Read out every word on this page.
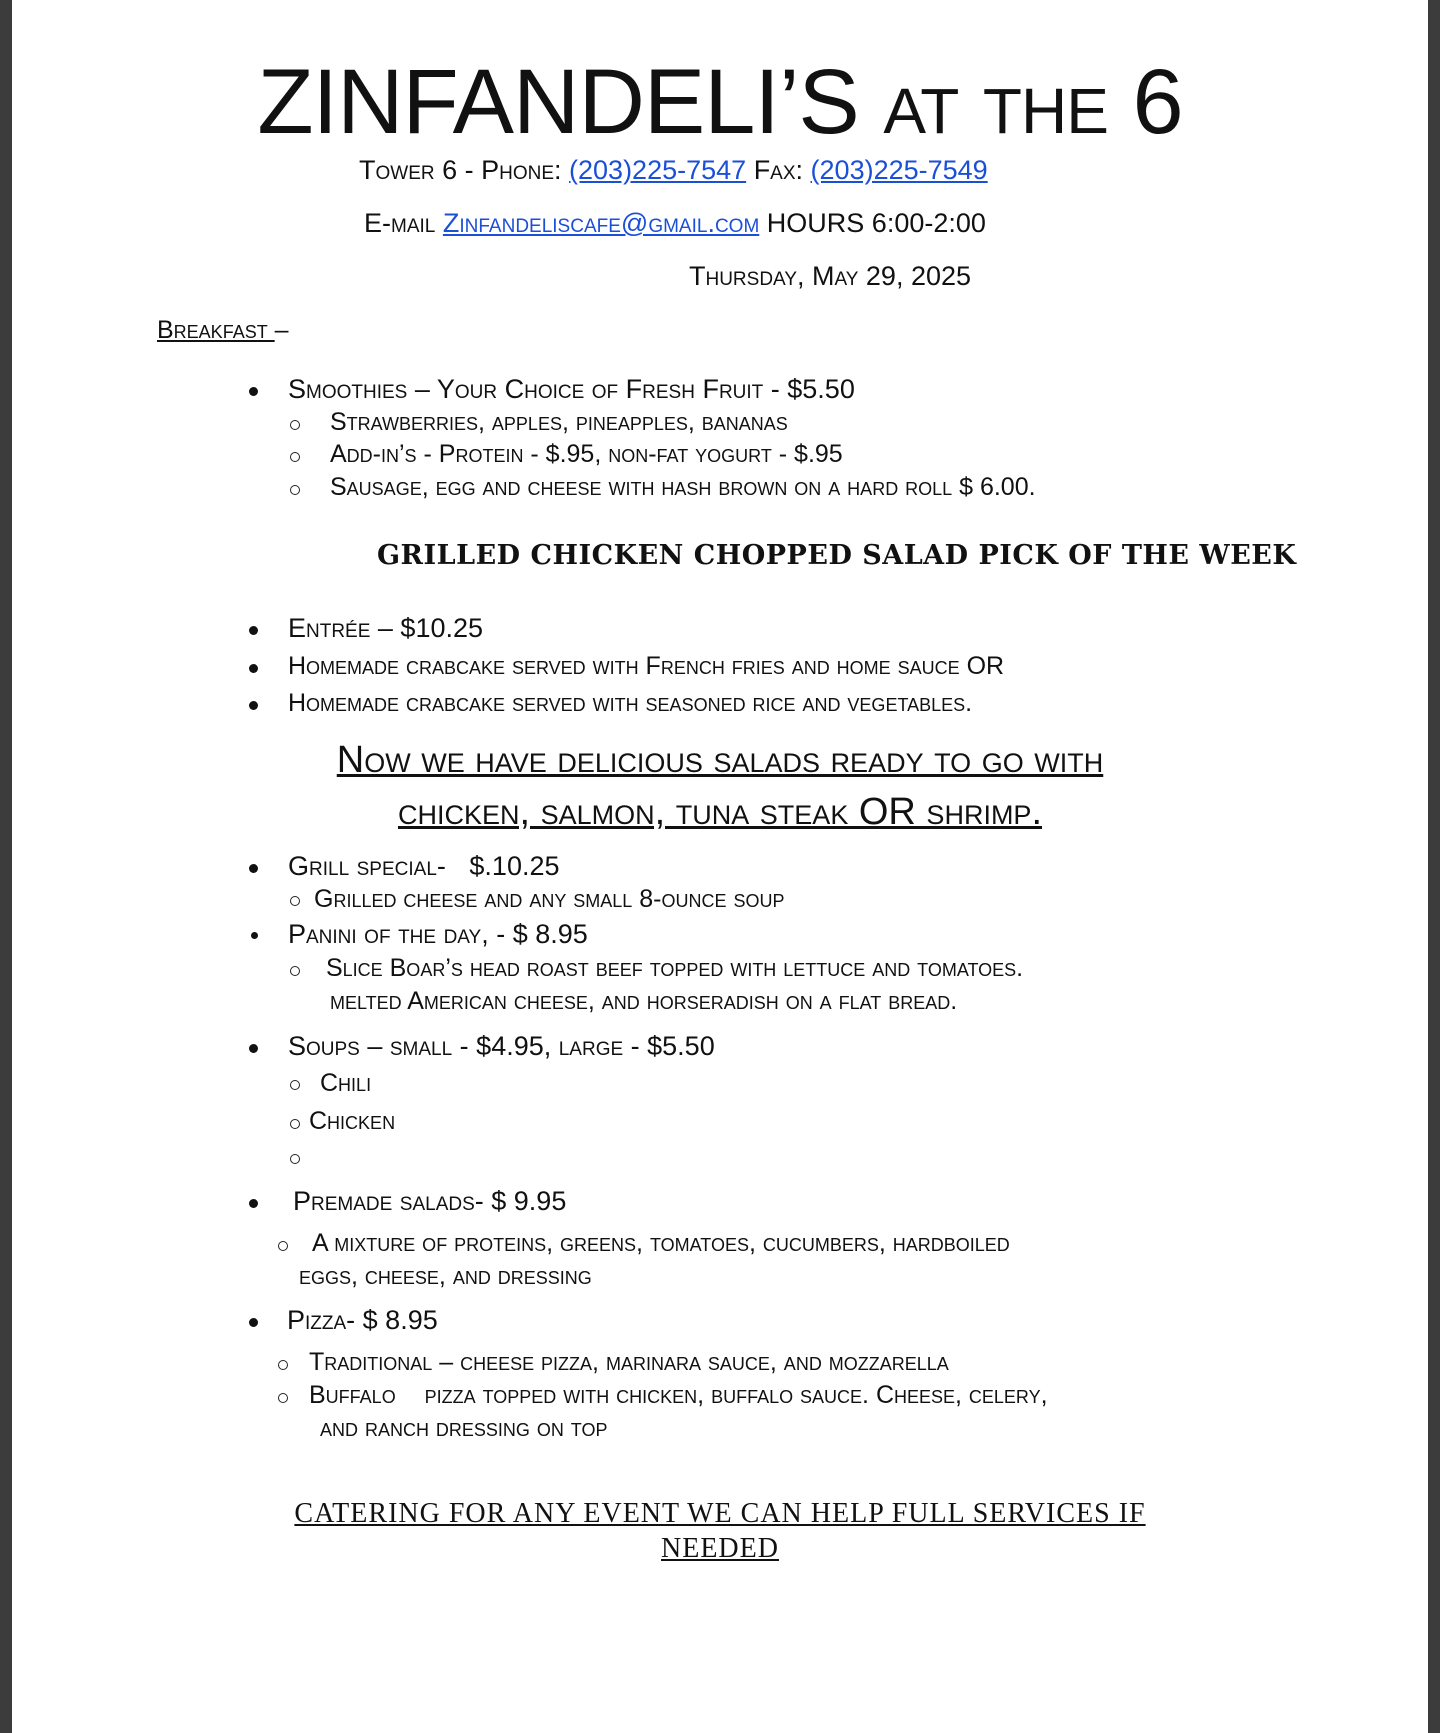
ZINFANDELI’S at the 6
Tower 6 - Phone: (203)225-7547 Fax: (203)225-7549
E-mail Zinfandeliscafe@gmail.com HOURS 6:00-2:00
Thursday, May 29, 2025
Breakfast –
Smoothies – Your Choice of Fresh Fruit - $5.50
Strawberries, apples, pineapples, bananas
Add-in’s - Protein - $.95, non-fat yogurt - $.95
Sausage, egg and cheese with hash brown on a hard roll $ 6.00.
GRILLED CHICKEN CHOPPED SALAD PICK OF THE WEEK
Entrée – $10.25
Homemade crabcake served with French fries and home sauce OR
Homemade crabcake served with seasoned rice and vegetables.
Now we have delicious salads ready to go with
chicken, salmon, tuna steak OR shrimp.
Grill special- $.10.25
Grilled cheese and any small 8-ounce soup
Panini of the day, - $ 8.95
Slice Boar’s head roast beef topped with lettuce and tomatoes.
melted American cheese, and horseradish on a flat bread.
Soups – small - $4.95, large - $5.50
Chili
Chicken
Premade salads- $ 9.95
A mixture of proteins, greens, tomatoes, cucumbers, hardboiled
eggs, cheese, and dressing
Pizza- $ 8.95
Traditional – cheese pizza, marinara sauce, and mozzarella
Buffalo pizza topped with chicken, buffalo sauce. Cheese, celery,
and ranch dressing on top
CATERING FOR ANY EVENT WE CAN HELP FULL SERVICES IF
NEEDED
